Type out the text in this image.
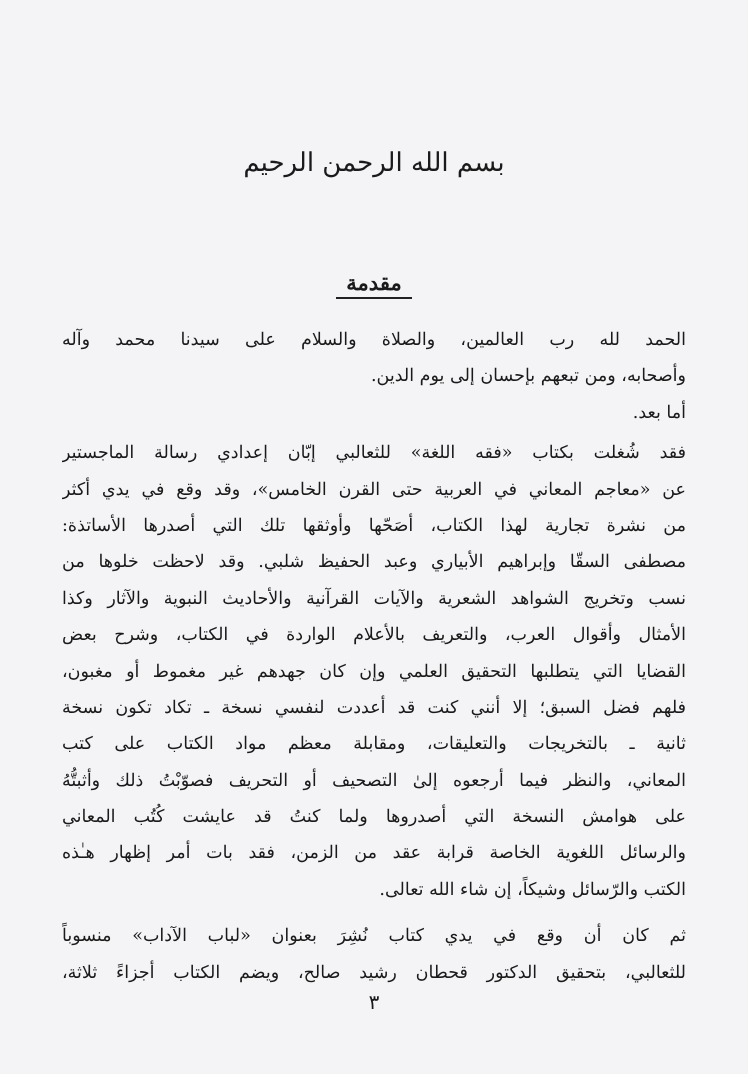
بسم الله الرحمن الرحيم
مقدمة
الحمد لله رب العالمين، والصلاة والسلام على سيدنا محمد وآله
وأصحابه، ومن تبعهم بإحسان إلى يوم الدين.
أما بعد.
فقد شُغلت بكتاب «فقه اللغة» للثعالبي إبّان إعدادي رسالة الماجستير
عن «معاجم المعاني في العربية حتى القرن الخامس»، وقد وقع في يدي أكثر
من نشرة تجارية لهذا الكتاب، أصَحّها وأوثقها تلك التي أصدرها الأساتذة:
مصطفى السقّا وإبراهيم الأبياري وعبد الحفيظ شلبي. وقد لاحظت خلوها من
نسب وتخريج الشواهد الشعرية والآيات القرآنية والأحاديث النبوية والآثار وكذا
الأمثال وأقوال العرب، والتعريف بالأعلام الواردة في الكتاب، وشرح بعض
القضايا التي يتطلبها التحقيق العلمي وإن كان جهدهم غير مغموط أو مغبون،
فلهم فضل السبق؛ إلا أنني كنت قد أعددت لنفسي نسخة ـ تكاد تكون نسخة
ثانية ـ بالتخريجات والتعليقات، ومقابلة معظم مواد الكتاب على كتب
المعاني، والنظر فيما أرجعوه إلىٰ التصحيف أو التحريف فصوّبْتُ ذلك وأثبتُّهُ
على هوامش النسخة التي أصدروها ولما كنتُ قد عايشت كُتُب المعاني
والرسائل اللغوية الخاصة قرابة عقد من الزمن، فقد بات أمر إظهار هـٰذه
الكتب والرّسائل وشيكاً، إن شاء الله تعالى.
ثم كان أن وقع في يدي كتاب نُشِرَ بعنوان «لباب الآداب» منسوباً
للثعالبي، بتحقيق الدكتور قحطان رشيد صالح، ويضم الكتاب أجزاءً ثلاثة،
٣
